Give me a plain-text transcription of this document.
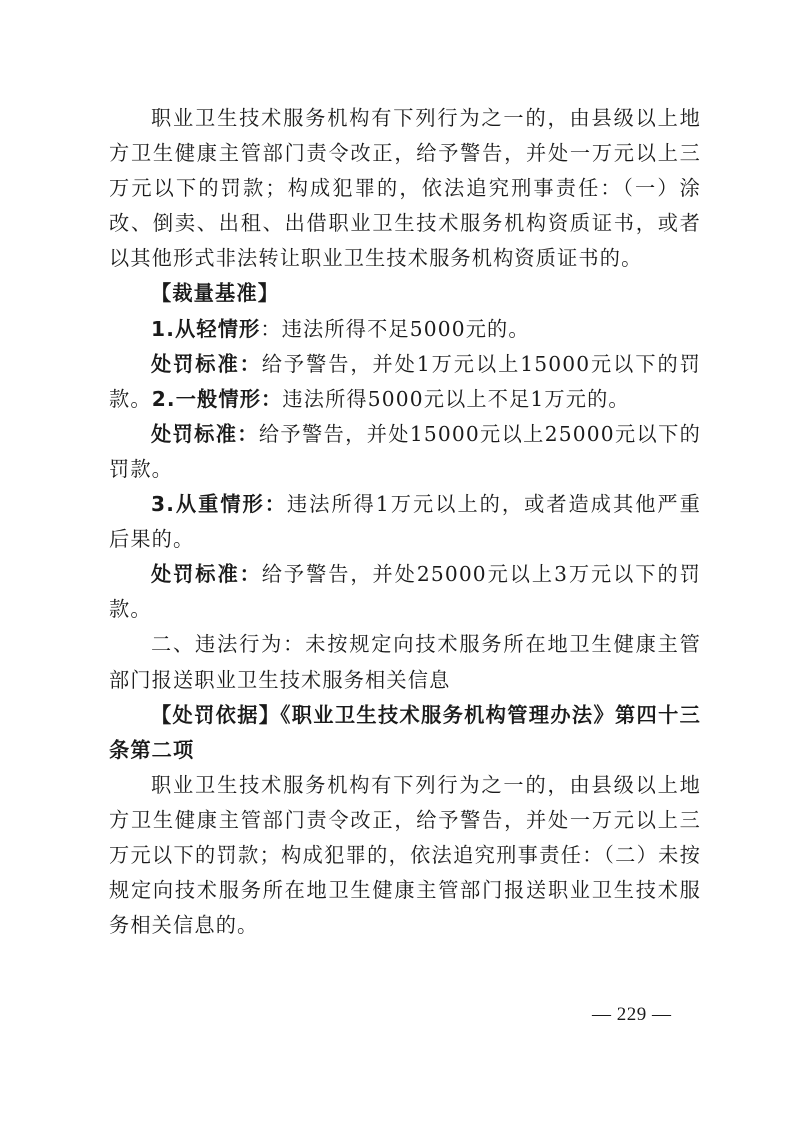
职业卫生技术服务机构有下列行为之一的，由县级以上地方卫生健康主管部门责令改正，给予警告，并处一万元以上三万元以下的罚款；构成犯罪的，依法追究刑事责任：（一）涂改、倒卖、出租、出借职业卫生技术服务机构资质证书，或者以其他形式非法转让职业卫生技术服务机构资质证书的。

【裁量基准】

1.从轻情形：违法所得不足5000元的。

处罚标准：给予警告，并处1万元以上15000元以下的罚款。2.一般情形：违法所得5000元以上不足1万元的。

处罚标准：给予警告，并处15000元以上25000元以下的罚款。

3.从重情形：违法所得1万元以上的，或者造成其他严重后果的。

处罚标准：给予警告，并处25000元以上3万元以下的罚款。

二、违法行为：未按规定向技术服务所在地卫生健康主管部门报送职业卫生技术服务相关信息

【处罚依据】《职业卫生技术服务机构管理办法》第四十三条第二项

职业卫生技术服务机构有下列行为之一的，由县级以上地方卫生健康主管部门责令改正，给予警告，并处一万元以上三万元以下的罚款；构成犯罪的，依法追究刑事责任：（二）未按规定向技术服务所在地卫生健康主管部门报送职业卫生技术服务相关信息的。

— 229 —
